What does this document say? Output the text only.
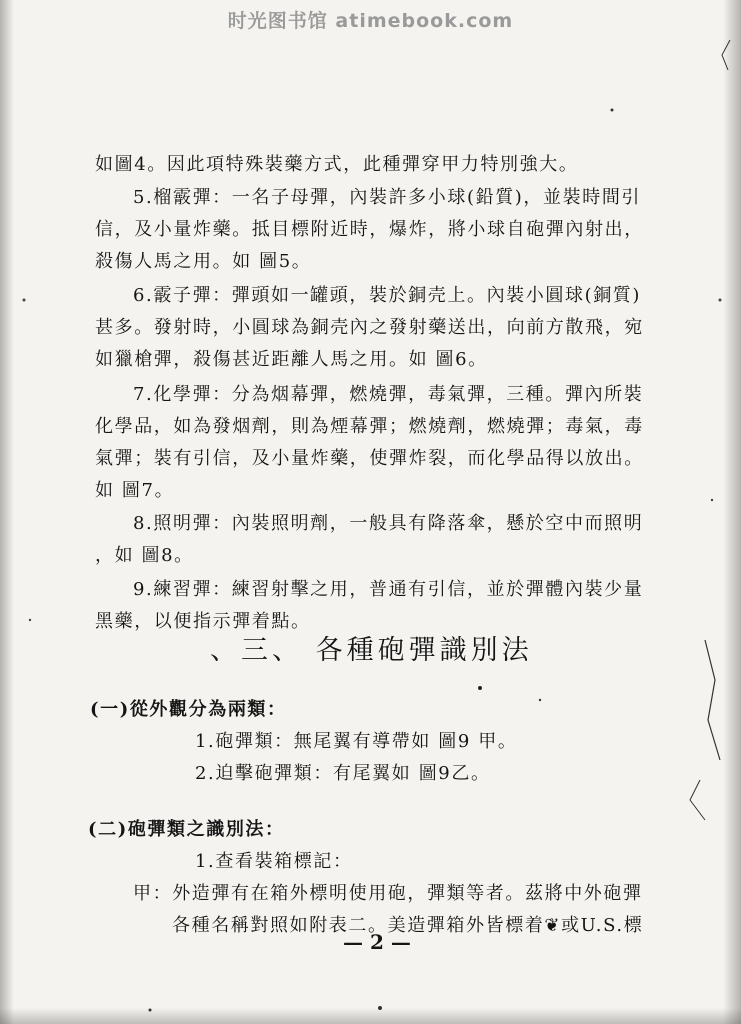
时光图书馆 atimebook.com
如圖4。因此項特殊裝藥方式，此種彈穿甲力特別強大。
5.榴霰彈：一名子母彈，內裝許多小球(鉛質)，並裝時間引
信，及小量炸藥。抵目標附近時，爆炸，將小球自砲彈內射出，
殺傷人馬之用。如 圖5。
6.霰子彈：彈頭如一罐頭，裝於銅壳上。內裝小圓球(銅質)
甚多。發射時，小圓球為銅壳內之發射藥送出，向前方散飛，宛
如獵槍彈，殺傷甚近距離人馬之用。如 圖6。
7.化學彈：分為烟幕彈，燃燒彈，毒氣彈，三種。彈內所裝
化學品，如為發烟劑，則為煙幕彈；燃燒劑，燃燒彈；毒氣，毒
氣彈；裝有引信，及小量炸藥，使彈炸裂，而化學品得以放出。
如 圖7。
8.照明彈：內裝照明劑，一般具有降落傘，懸於空中而照明
，如 圖8。
9.練習彈：練習射擊之用，普通有引信，並於彈體內裝少量
黑藥，以便指示彈着點。
、三、 各種砲彈識別法
(一)從外觀分為兩類：
1.砲彈類：無尾翼有導帶如 圖9 甲。
2.迫擊砲彈類：有尾翼如 圖9乙。
(二)砲彈類之識別法：
1.查看裝箱標記：
甲：外造彈有在箱外標明使用砲，彈類等者。茲將中外砲彈
各種名稱對照如附表二。美造彈箱外皆標着❦或U.S.標
— 2 —
